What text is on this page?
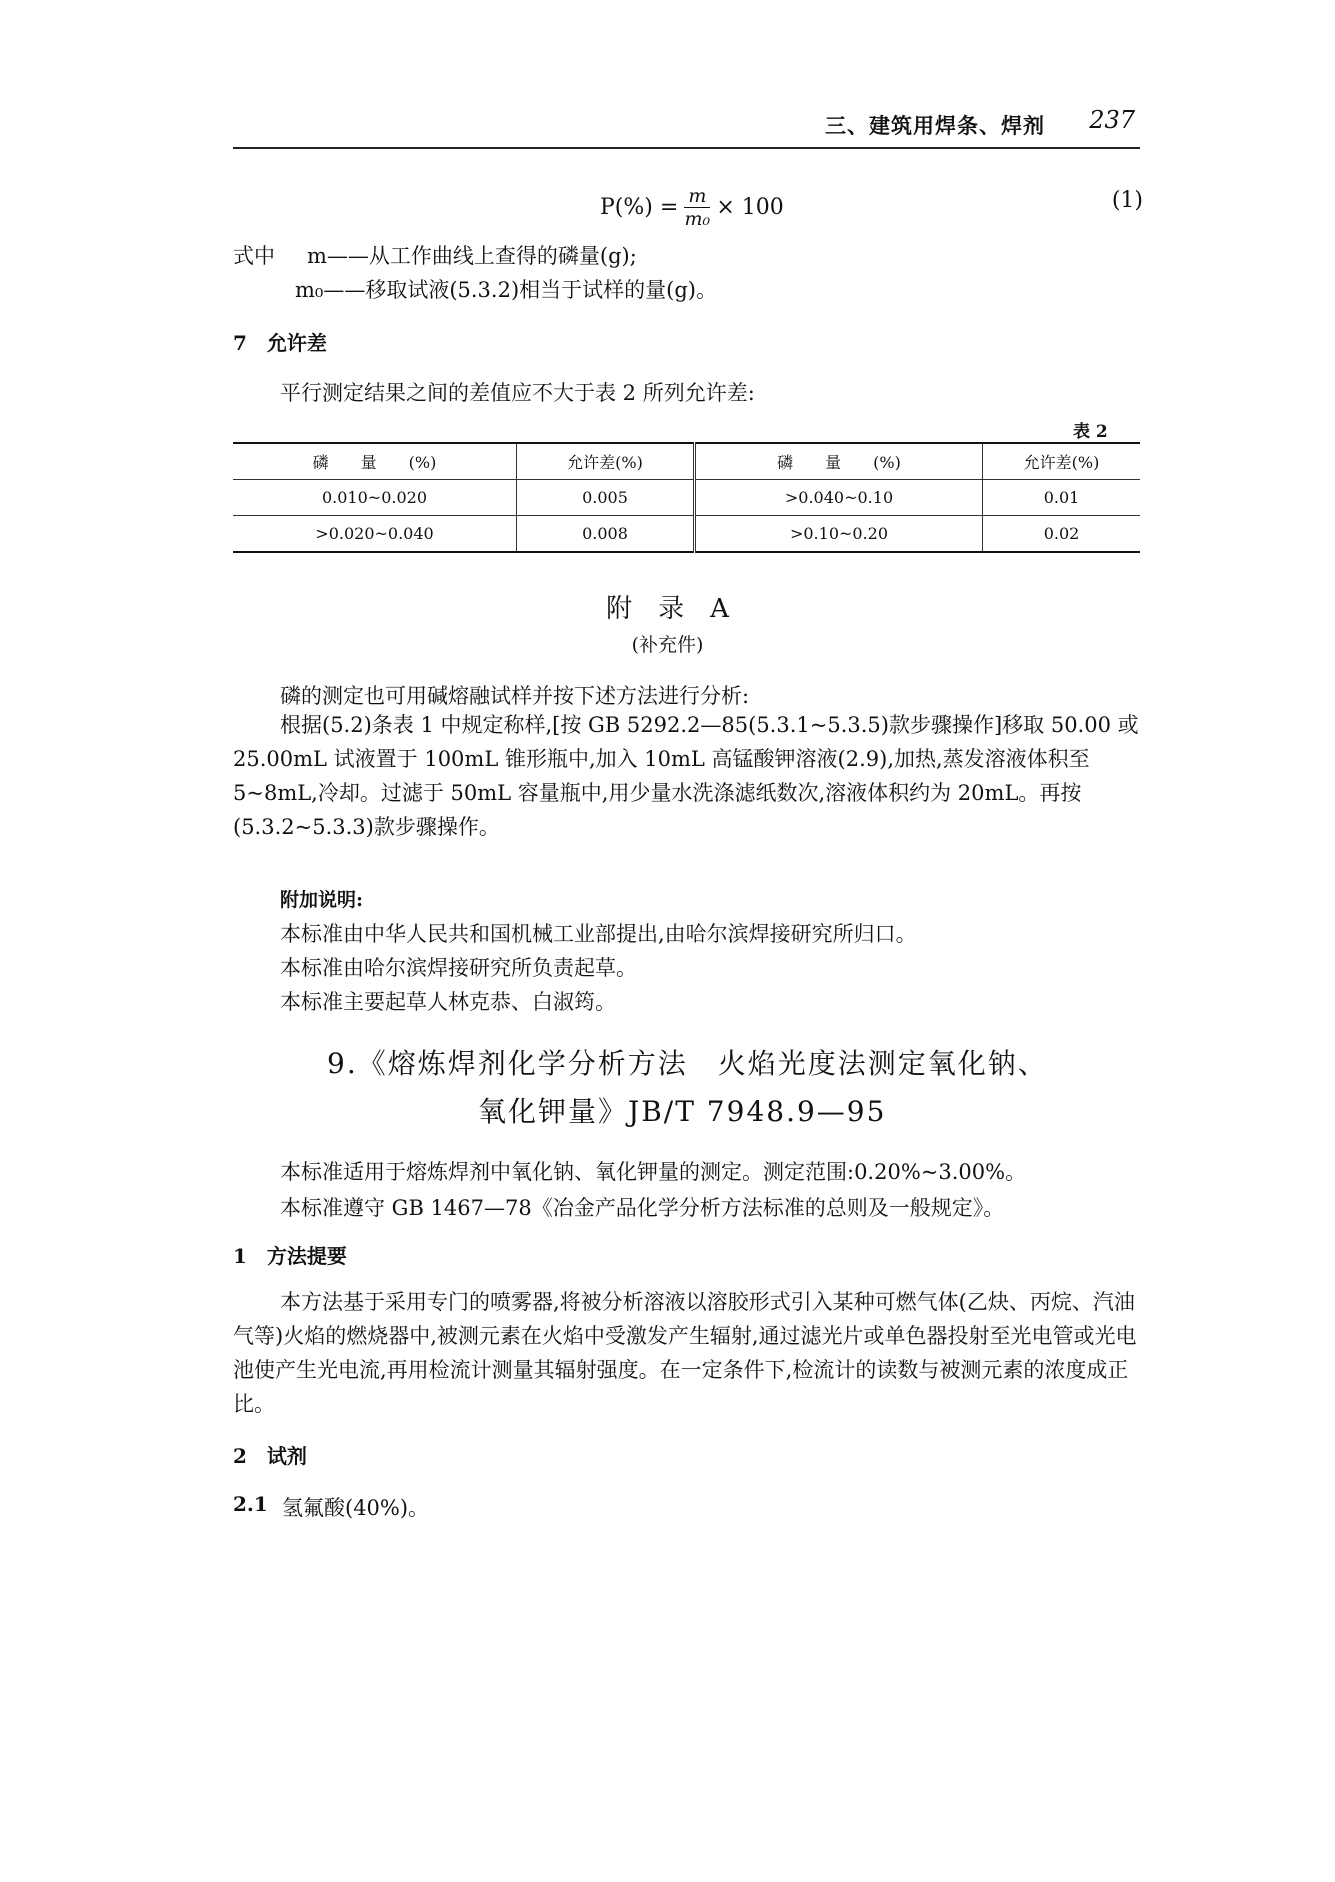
三、建筑用焊条、焊剂 237
$P(\%) = \frac{m}{\text{m₀}} \times 100$	(1)
式中 m——从工作曲线上查得的磷量(g);
m₀——移取试液(5.3.2)相当于试样的量(g)。
7　允许差
平行测定结果之间的差值应不大于表 2 所列允许差:
表 2
磷　　量　　(%)	允许差(%)	磷　　量　　(%)	允许差(%)
0.010~0.020	0.005	>0.040~0.10	0.01
>0.020~0.040	0.008	>0.10~0.20	0.02
附　录　A
(补充件)
磷的测定也可用碱熔融试样并按下述方法进行分析:
根据(5.2)条表 1 中规定称样,[按 GB 5292.2—85(5.3.1~5.3.5)款步骤操作]移取 50.00 或 25.00mL 试液置于 100mL 锥形瓶中,加入 10mL 高锰酸钾溶液(2.9),加热,蒸发溶液体积至 5~8mL,冷却。过滤于 50mL 容量瓶中,用少量水洗涤滤纸数次,溶液体积约为 20mL。再按(5.3.2~5.3.3)款步骤操作。
附加说明:
本标准由中华人民共和国机械工业部提出,由哈尔滨焊接研究所归口。
本标准由哈尔滨焊接研究所负责起草。
本标准主要起草人林克恭、白淑筠。
9.《熔炼焊剂化学分析方法　火焰光度法测定氧化钠、
氧化钾量》JB/T 7948.9—95
本标准适用于熔炼焊剂中氧化钠、氧化钾量的测定。测定范围:0.20%~3.00%。
本标准遵守 GB 1467—78《冶金产品化学分析方法标准的总则及一般规定》。
1　方法提要
本方法基于采用专门的喷雾器,将被分析溶液以溶胶形式引入某种可燃气体(乙炔、丙烷、汽油气等)火焰的燃烧器中,被测元素在火焰中受激发产生辐射,通过滤光片或单色器投射至光电管或光电池使产生光电流,再用检流计测量其辐射强度。在一定条件下,检流计的读数与被测元素的浓度成正比。
2　试剂
2.1 氢氟酸(40%)。
